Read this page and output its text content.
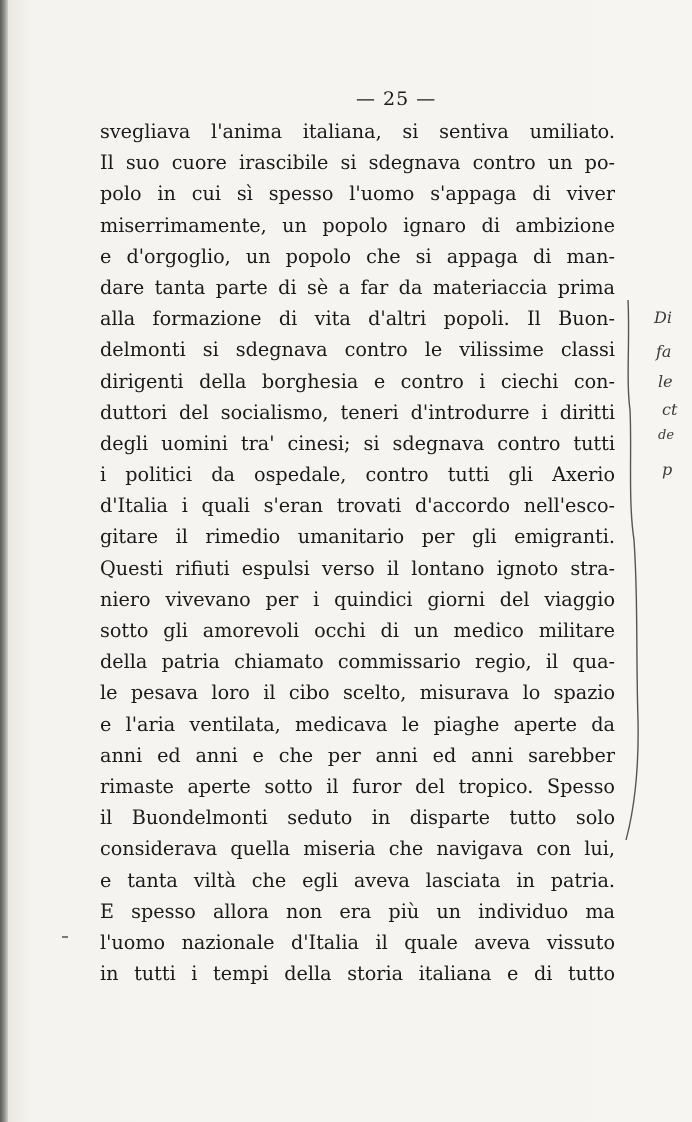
— 25 —
svegliava l'anima italiana, si sentiva umiliato.
Il suo cuore irascibile si sdegnava contro un po-
polo in cui sì spesso l'uomo s'appaga di viver
miserrimamente, un popolo ignaro di ambizione
e d'orgoglio, un popolo che si appaga di man-
dare tanta parte di sè a far da materiaccia prima
alla formazione di vita d'altri popoli. Il Buon-
delmonti si sdegnava contro le vilissime classi
dirigenti della borghesia e contro i ciechi con-
duttori del socialismo, teneri d'introdurre i diritti
degli uomini tra' cinesi; si sdegnava contro tutti
i politici da ospedale, contro tutti gli Axerio
d'Italia i quali s'eran trovati d'accordo nell'esco-
gitare il rimedio umanitario per gli emigranti.
Questi rifiuti espulsi verso il lontano ignoto stra-
niero vivevano per i quindici giorni del viaggio
sotto gli amorevoli occhi di un medico militare
della patria chiamato commissario regio, il qua-
le pesava loro il cibo scelto, misurava lo spazio
e l'aria ventilata, medicava le piaghe aperte da
anni ed anni e che per anni ed anni sarebber
rimaste aperte sotto il furor del tropico. Spesso
il Buondelmonti seduto in disparte tutto solo
considerava quella miseria che navigava con lui,
e tanta viltà che egli aveva lasciata in patria.
E spesso allora non era più un individuo ma
l'uomo nazionale d'Italia il quale aveva vissuto
in tutti i tempi della storia italiana e di tutto
Di
fa
le
ct
de
p
